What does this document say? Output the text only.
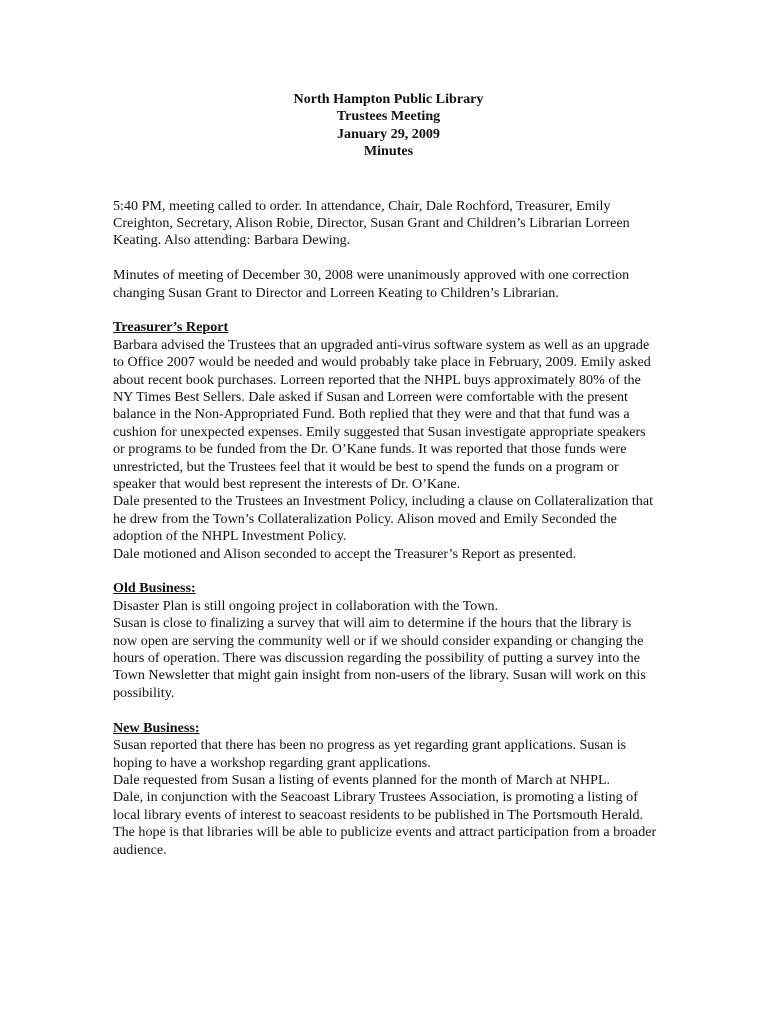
North Hampton Public Library
Trustees Meeting
January 29, 2009
Minutes

5:40 PM, meeting called to order. In attendance, Chair, Dale Rochford, Treasurer, Emily Creighton, Secretary, Alison Robie, Director, Susan Grant and Children’s Librarian Lorreen Keating. Also attending: Barbara Dewing.

Minutes of meeting of December 30, 2008 were unanimously approved with one correction changing Susan Grant to Director and Lorreen Keating to Children’s Librarian.

Treasurer’s Report

Barbara advised the Trustees that an upgraded anti-virus software system as well as an upgrade to Office 2007 would be needed and would probably take place in February, 2009. Emily asked about recent book purchases. Lorreen reported that the NHPL buys approximately 80% of the NY Times Best Sellers. Dale asked if Susan and Lorreen were comfortable with the present balance in the Non-Appropriated Fund. Both replied that they were and that that fund was a cushion for unexpected expenses. Emily suggested that Susan investigate appropriate speakers or programs to be funded from the Dr. O’Kane funds. It was reported that those funds were unrestricted, but the Trustees feel that it would be best to spend the funds on a program or speaker that would best represent the interests of Dr. O’Kane.

Dale presented to the Trustees an Investment Policy, including a clause on Collateralization that he drew from the Town’s Collateralization Policy. Alison moved and Emily Seconded the adoption of the NHPL Investment Policy.

Dale motioned and Alison seconded to accept the Treasurer’s Report as presented.

Old Business:

Disaster Plan is still ongoing project in collaboration with the Town.

Susan is close to finalizing a survey that will aim to determine if the hours that the library is now open are serving the community well or if we should consider expanding or changing the hours of operation. There was discussion regarding the possibility of putting a survey into the Town Newsletter that might gain insight from non-users of the library. Susan will work on this possibility.

New Business:

Susan reported that there has been no progress as yet regarding grant applications. Susan is hoping to have a workshop regarding grant applications.

Dale requested from Susan a listing of events planned for the month of March at NHPL.

Dale, in conjunction with the Seacoast Library Trustees Association, is promoting a listing of local library events of interest to seacoast residents to be published in The Portsmouth Herald. The hope is that libraries will be able to publicize events and attract participation from a broader audience.
